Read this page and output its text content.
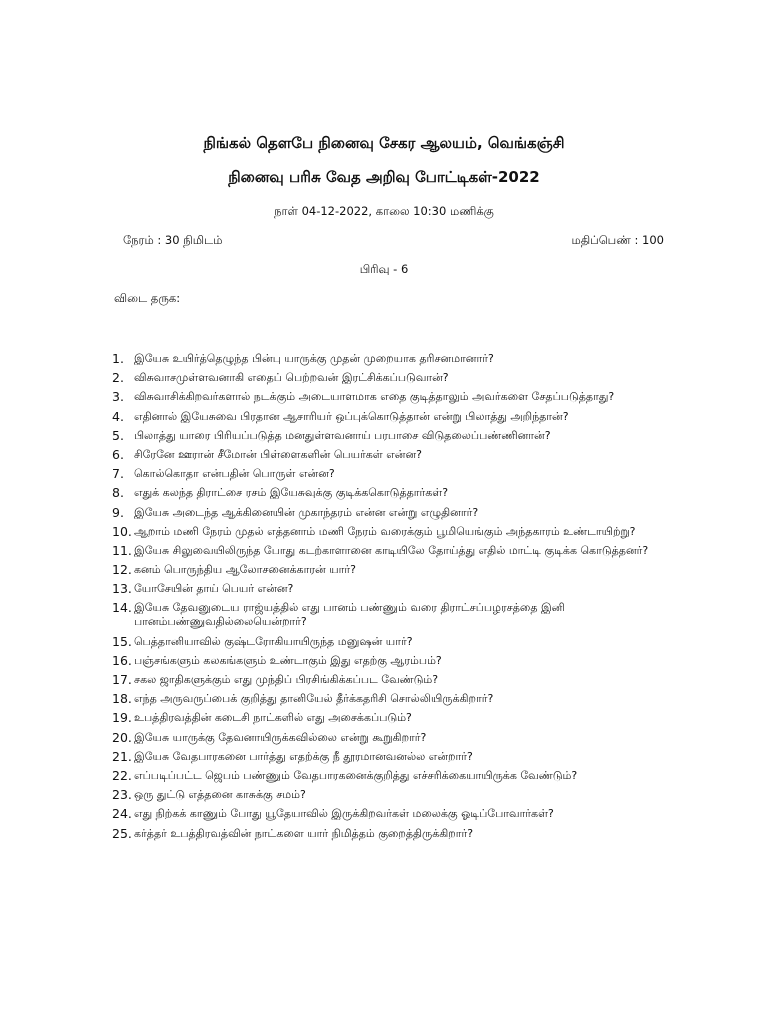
நிங்கல் தெளபே நினைவு சேகர ஆலயம், வெங்கஞ்சி
நினைவு பரிசு வேத அறிவு போட்டிகள்-2022
நாள் 04-12-2022, காலை 10:30 மணிக்கு
நேரம் : 30 நிமிடம்	மதிப்பெண் : 100
பிரிவு - 6
விடை தருக:
1. இயேசு உயிர்த்தெழுந்த பின்பு யாருக்கு முதன் முறையாக தரிசனமானார்?
2. விசுவாசமுள்ளவனாகி எதைப் பெற்றவன் இரட்சிக்கப்படுவான்?
3. விசுவாசிக்கிறவர்களால் நடக்கும் அடையாளமாக எதை குடித்தாலும் அவர்களை சேதப்படுத்தாது?
4. எதினால் இயேசுவை பிரதான ஆசாரியர் ஒப்புக்கொடுத்தான் என்று பிலாத்து அறிந்தான்?
5. பிலாத்து யாரை பிரியப்படுத்த மனதுள்ளவனாய் பரபாசை விடுதலைப்பண்ணினான்?
6. சிரேனே ஊரான் சீமோன் பிள்ளைகளின் பெயர்கள் என்ன?
7. கொல்கொதா என்பதின் பொருள் என்ன?
8. எதுக் கலந்த திராட்சை ரசம் இயேசுவுக்கு குடிக்ககொடுத்தார்கள்?
9. இயேசு அடைந்த ஆக்கினையின் முகாந்தரம் என்ன என்று எழுதினார்?
10. ஆறாம் மணி நேரம் முதல் எத்தனாம் மணி நேரம் வரைக்கும் பூமியெங்கும் அந்தகாரம் உண்டாயிற்று?
11. இயேசு சிலுவையிலிருந்த போது கடற்காளானை காடியிலே தோய்த்து எதில் மாட்டி குடிக்க கொடுத்தனர்?
12. கனம் பொருந்திய ஆலோசனைக்காரன் யார்?
13. யோசேயின் தாய் பெயர் என்ன?
14. இயேசு தேவனுடைய ராஜ்யத்தில் எது பானம் பண்ணும் வரை திராட்சப்பழரசத்தை இனி பானம்பண்ணுவதில்லையென்றார்?
15. பெத்தானியாவில் குஷ்டரோகியாயிருந்த மனுஷன் யார்?
16. பஞ்சங்களும் கலகங்களும் உண்டாகும் இது எதற்கு ஆரம்பம்?
17. சகல ஜாதிகளுக்கும் எது முந்திப் பிரசிங்கிக்கப்பட வேண்டும்?
18. எந்த அருவருப்பைக் குறித்து தானியேல் தீர்க்கதரிசி சொல்லியிருக்கிறார்?
19. உபத்திரவத்தின் கடைசி நாட்களில் எது அசைக்கப்படும்?
20. இயேசு யாருக்கு தேவனாயிருக்கவில்லை என்று கூறுகிறார்?
21. இயேசு வேதபாரகனை பார்த்து எதற்க்கு நீ தூரமானவனல்ல என்றார்?
22. எப்படிப்பட்ட ஜெபம் பண்ணும் வேதபாரகனைக்குறித்து எச்சரிக்கையாயிருக்க வேண்டும்?
23. ஒரு துட்டு எத்தனை காசுக்கு சமம்?
24. எது நிற்கக் காணும் போது யூதேயாவில் இருக்கிறவர்கள் மலைக்கு ஓடிப்போவார்கள்?
25. கர்த்தர் உபத்திரவத்வின் நாட்களை யார் நிமித்தம் குறைத்திருக்கிறார்?
